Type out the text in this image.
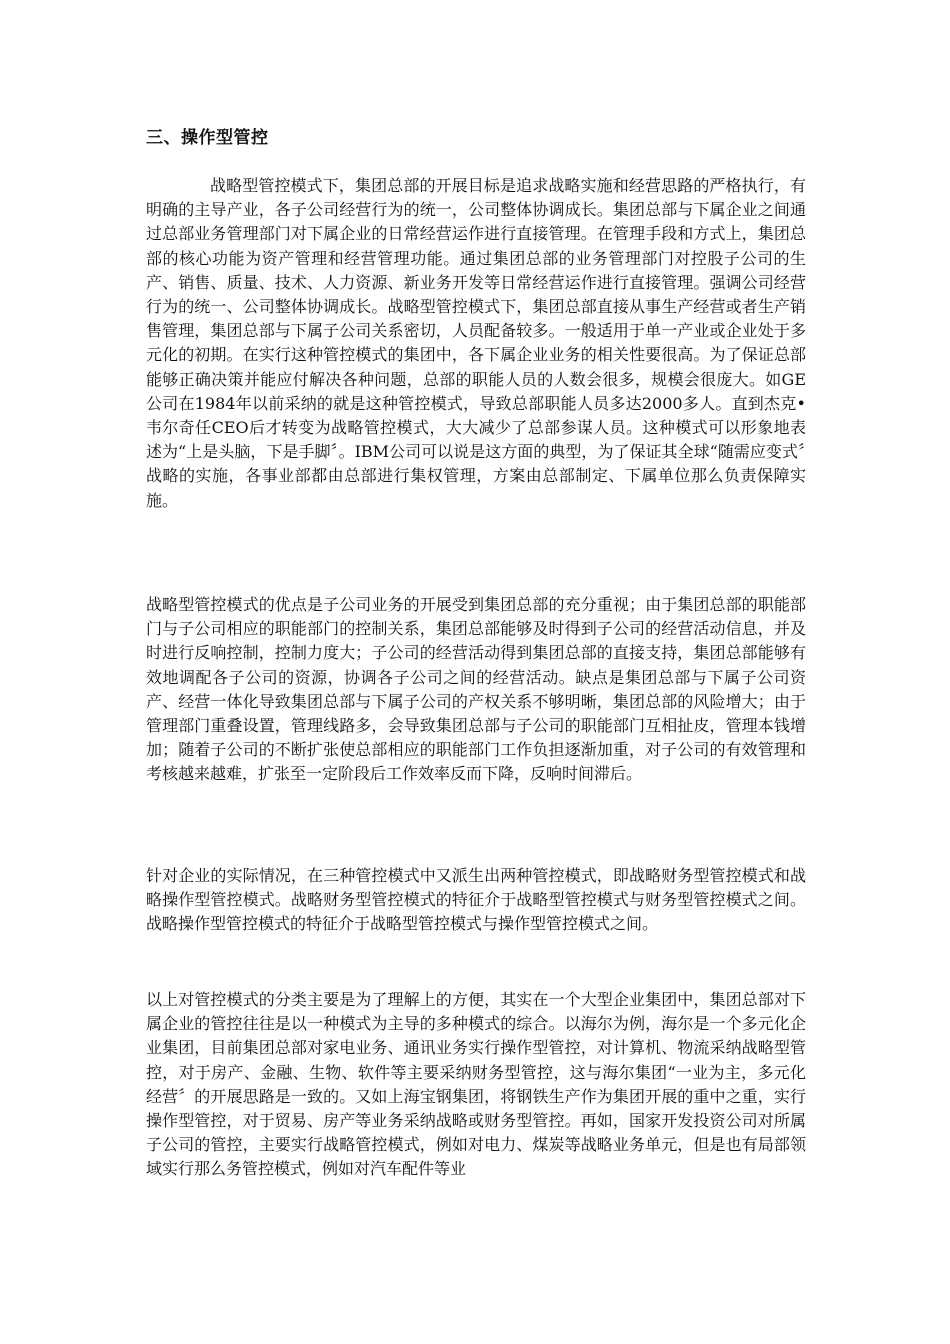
三、操作型管控
战略型管控模式下，集团总部的开展目标是追求战略实施和经营思路的严格执行，有明确的主导产业，各子公司经营行为的统一，公司整体协调成长。集团总部与下属企业之间通过总部业务管理部门对下属企业的日常经营运作进行直接管理。在管理手段和方式上，集团总部的核心功能为资产管理和经营管理功能。通过集团总部的业务管理部门对控股子公司的生产、销售、质量、技术、人力资源、新业务开发等日常经营运作进行直接管理。强调公司经营行为的统一、公司整体协调成长。战略型管控模式下，集团总部直接从事生产经营或者生产销售管理，集团总部与下属子公司关系密切，人员配备较多。一般适用于单一产业或企业处于多元化的初期。在实行这种管控模式的集团中，各下属企业业务的相关性要很高。为了保证总部能够正确决策并能应付解决各种问题，总部的职能人员的人数会很多，规模会很庞大。如GE公司在1984年以前采纳的就是这种管控模式，导致总部职能人员多达2000多人。直到杰克•韦尔奇任CEO后才转变为战略管控模式，大大减少了总部参谋人员。这种模式可以形象地表述为“上是头脑，下是手脚〞。IBM公司可以说是这方面的典型，为了保证其全球“随需应变式〞战略的实施，各事业部都由总部进行集权管理，方案由总部制定、下属单位那么负责保障实施。
战略型管控模式的优点是子公司业务的开展受到集团总部的充分重视；由于集团总部的职能部门与子公司相应的职能部门的控制关系，集团总部能够及时得到子公司的经营活动信息，并及时进行反响控制，控制力度大；子公司的经营活动得到集团总部的直接支持，集团总部能够有效地调配各子公司的资源，协调各子公司之间的经营活动。缺点是集团总部与下属子公司资产、经营一体化导致集团总部与下属子公司的产权关系不够明晰，集团总部的风险增大；由于管理部门重叠设置，管理线路多，会导致集团总部与子公司的职能部门互相扯皮，管理本钱增加；随着子公司的不断扩张使总部相应的职能部门工作负担逐渐加重，对子公司的有效管理和考核越来越难，扩张至一定阶段后工作效率反而下降，反响时间滞后。
针对企业的实际情况，在三种管控模式中又派生出两种管控模式，即战略财务型管控模式和战略操作型管控模式。战略财务型管控模式的特征介于战略型管控模式与财务型管控模式之间。战略操作型管控模式的特征介于战略型管控模式与操作型管控模式之间。
以上对管控模式的分类主要是为了理解上的方便，其实在一个大型企业集团中，集团总部对下属企业的管控往往是以一种模式为主导的多种模式的综合。以海尔为例，海尔是一个多元化企业集团，目前集团总部对家电业务、通讯业务实行操作型管控，对计算机、物流采纳战略型管控，对于房产、金融、生物、软件等主要采纳财务型管控，这与海尔集团“一业为主，多元化经营〞的开展思路是一致的。又如上海宝钢集团，将钢铁生产作为集团开展的重中之重，实行操作型管控，对于贸易、房产等业务采纳战略或财务型管控。再如，国家开发投资公司对所属子公司的管控，主要实行战略管控模式，例如对电力、煤炭等战略业务单元，但是也有局部领域实行那么务管控模式，例如对汽车配件等业
